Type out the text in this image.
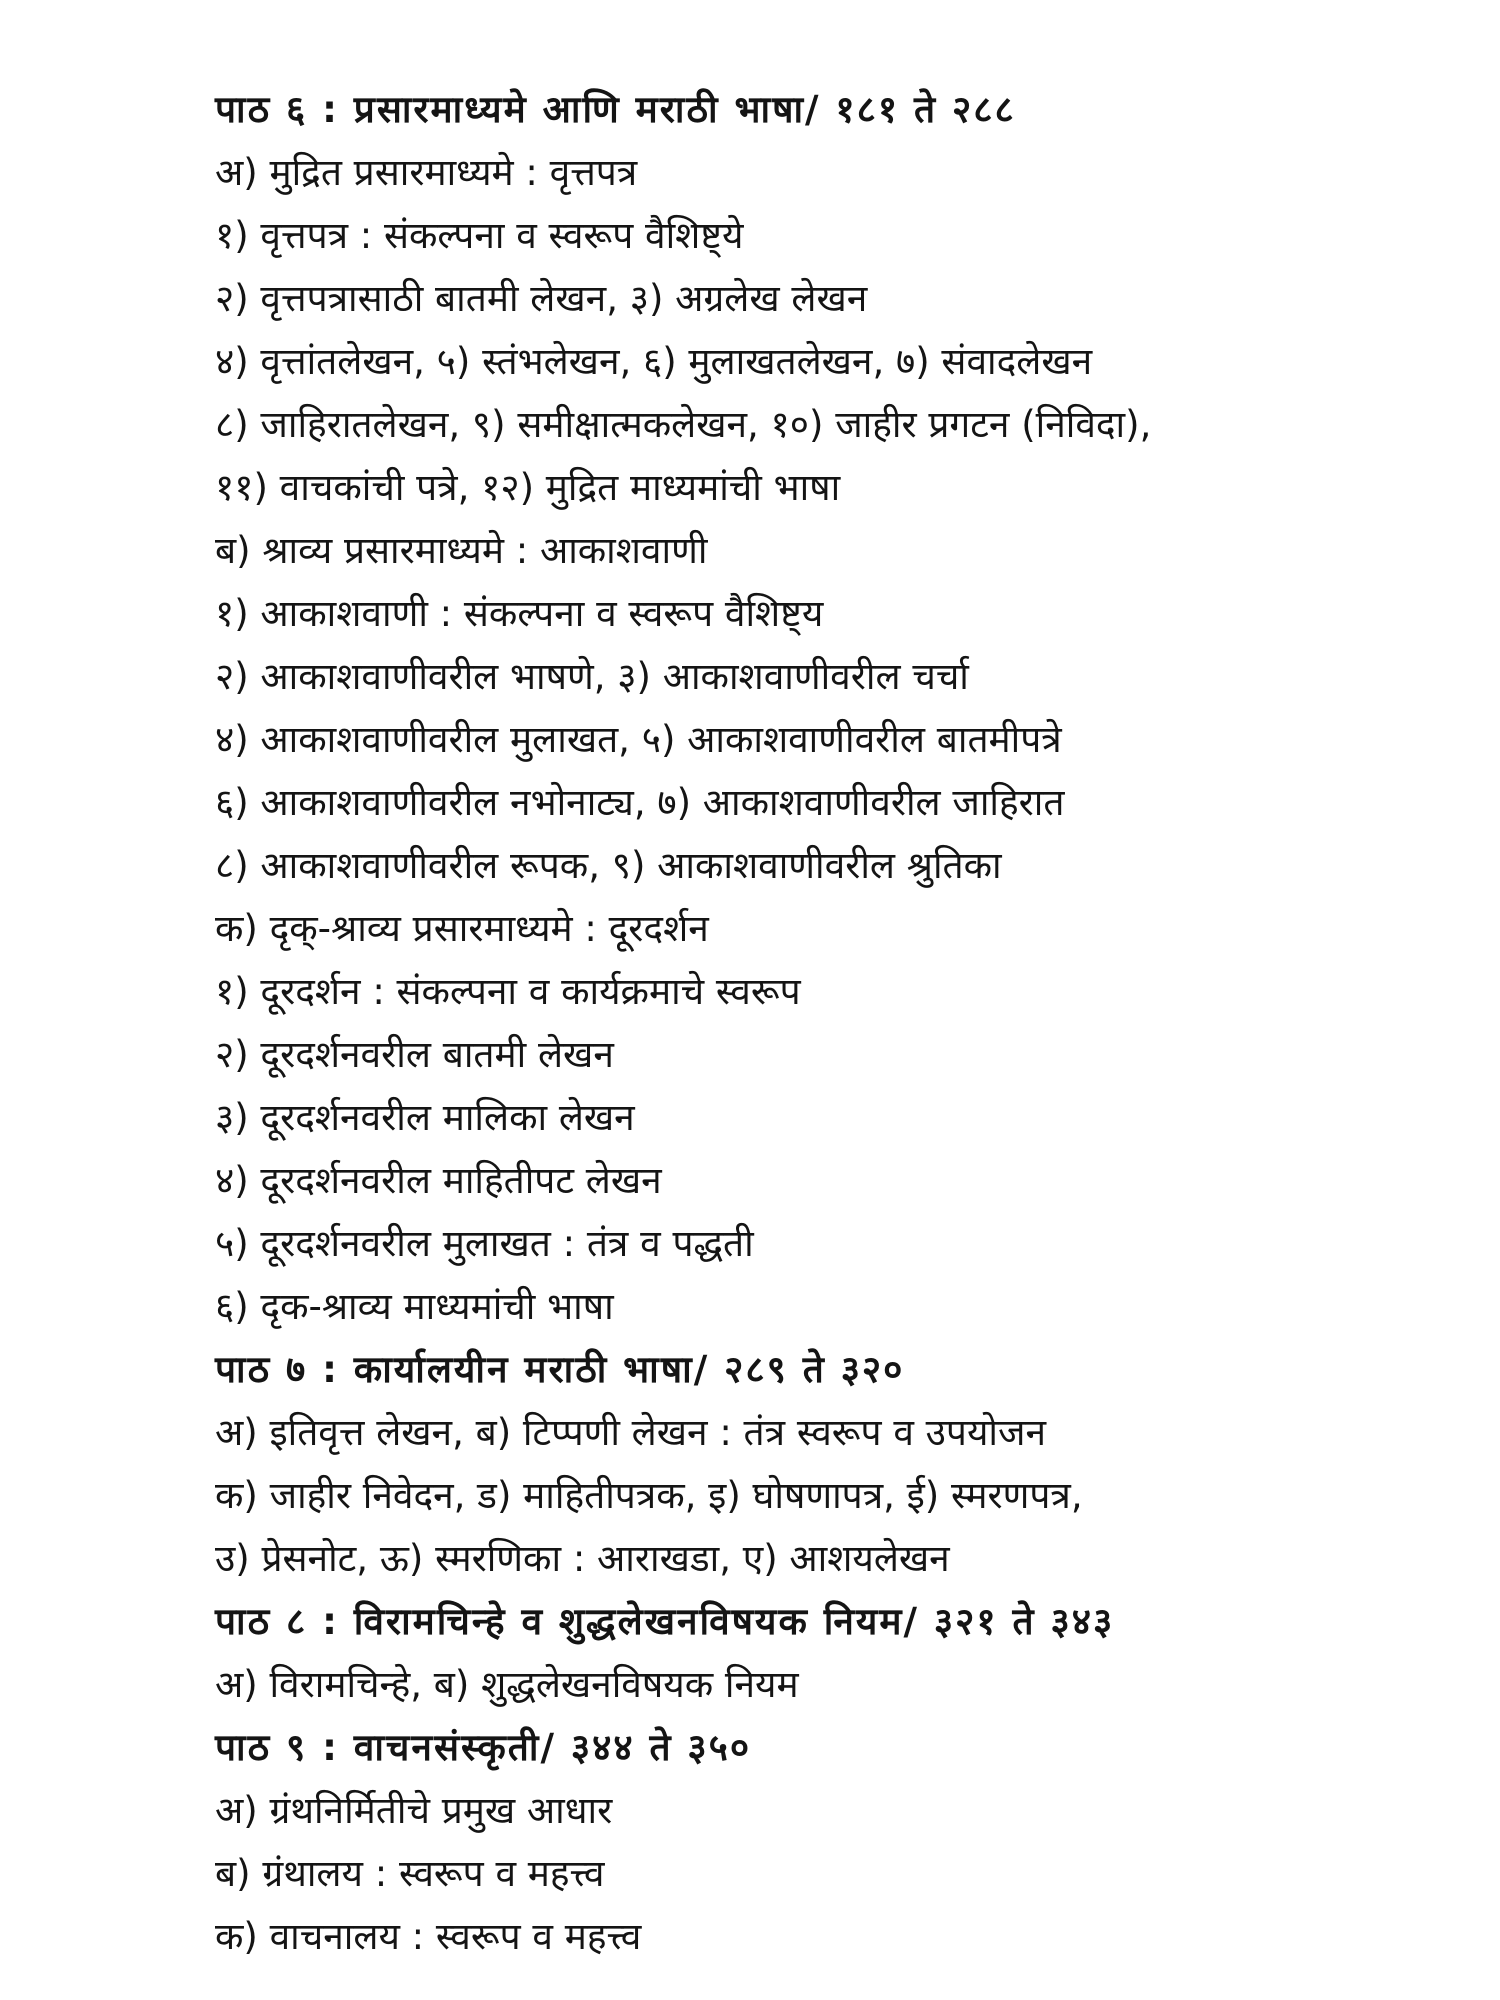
पाठ ६ : प्रसारमाध्यमे आणि मराठी भाषा/ १८१ ते २८८
अ) मुद्रित प्रसारमाध्यमे : वृत्तपत्र
१) वृत्तपत्र : संकल्पना व स्वरूप वैशिष्ट्ये
२) वृत्तपत्रासाठी बातमी लेखन, ३) अग्रलेख लेखन
४) वृत्तांतलेखन, ५) स्तंभलेखन, ६) मुलाखतलेखन, ७) संवादलेखन
८) जाहिरातलेखन, ९) समीक्षात्मकलेखन, १०) जाहीर प्रगटन (निविदा),
११) वाचकांची पत्रे, १२) मुद्रित माध्यमांची भाषा
ब) श्राव्य प्रसारमाध्यमे : आकाशवाणी
१) आकाशवाणी : संकल्पना व स्वरूप वैशिष्ट्य
२) आकाशवाणीवरील भाषणे, ३) आकाशवाणीवरील चर्चा
४) आकाशवाणीवरील मुलाखत, ५) आकाशवाणीवरील बातमीपत्रे
६) आकाशवाणीवरील नभोनाट्य, ७) आकाशवाणीवरील जाहिरात
८) आकाशवाणीवरील रूपक, ९) आकाशवाणीवरील श्रुतिका
क) दृक्-श्राव्य प्रसारमाध्यमे : दूरदर्शन
१) दूरदर्शन : संकल्पना व कार्यक्रमाचे स्वरूप
२) दूरदर्शनवरील बातमी लेखन
३) दूरदर्शनवरील मालिका लेखन
४) दूरदर्शनवरील माहितीपट लेखन
५) दूरदर्शनवरील मुलाखत : तंत्र व पद्धती
६) दृक-श्राव्य माध्यमांची भाषा
पाठ ७ : कार्यालयीन मराठी भाषा/ २८९ ते ३२०
अ) इतिवृत्त लेखन, ब) टिप्पणी लेखन : तंत्र स्वरूप व उपयोजन
क) जाहीर निवेदन, ड) माहितीपत्रक, इ) घोषणापत्र, ई) स्मरणपत्र,
उ) प्रेसनोट, ऊ) स्मरणिका : आराखडा, ए) आशयलेखन
पाठ ८ : विरामचिन्हे व शुद्धलेखनविषयक नियम/ ३२१ ते ३४३
अ) विरामचिन्हे, ब) शुद्धलेखनविषयक नियम
पाठ ९ : वाचनसंस्कृती/ ३४४ ते ३५०
अ) ग्रंथनिर्मितीचे प्रमुख आधार
ब) ग्रंथालय : स्वरूप व महत्त्व
क) वाचनालय : स्वरूप व महत्त्व
